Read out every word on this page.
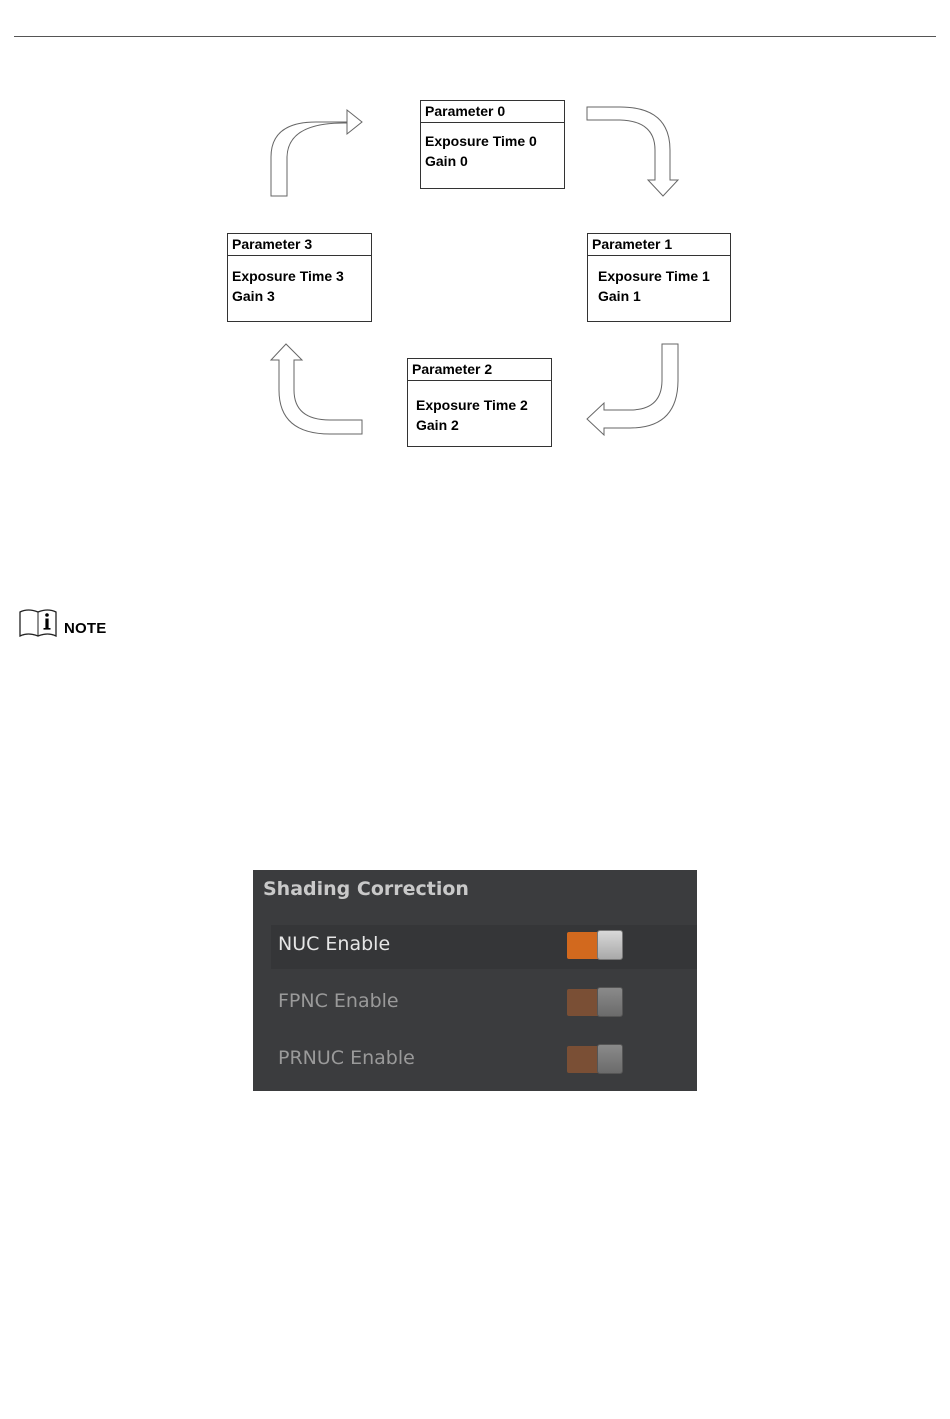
Parameter 0
Exposure Time 0
Gain 0
Parameter 1
Exposure Time 1
Gain 1
Parameter 2
Exposure Time 2
Gain 2
Parameter 3
Exposure Time 3
Gain 3
NOTE
Shading Correction
NUC Enable
FPNC Enable
PRNUC Enable
